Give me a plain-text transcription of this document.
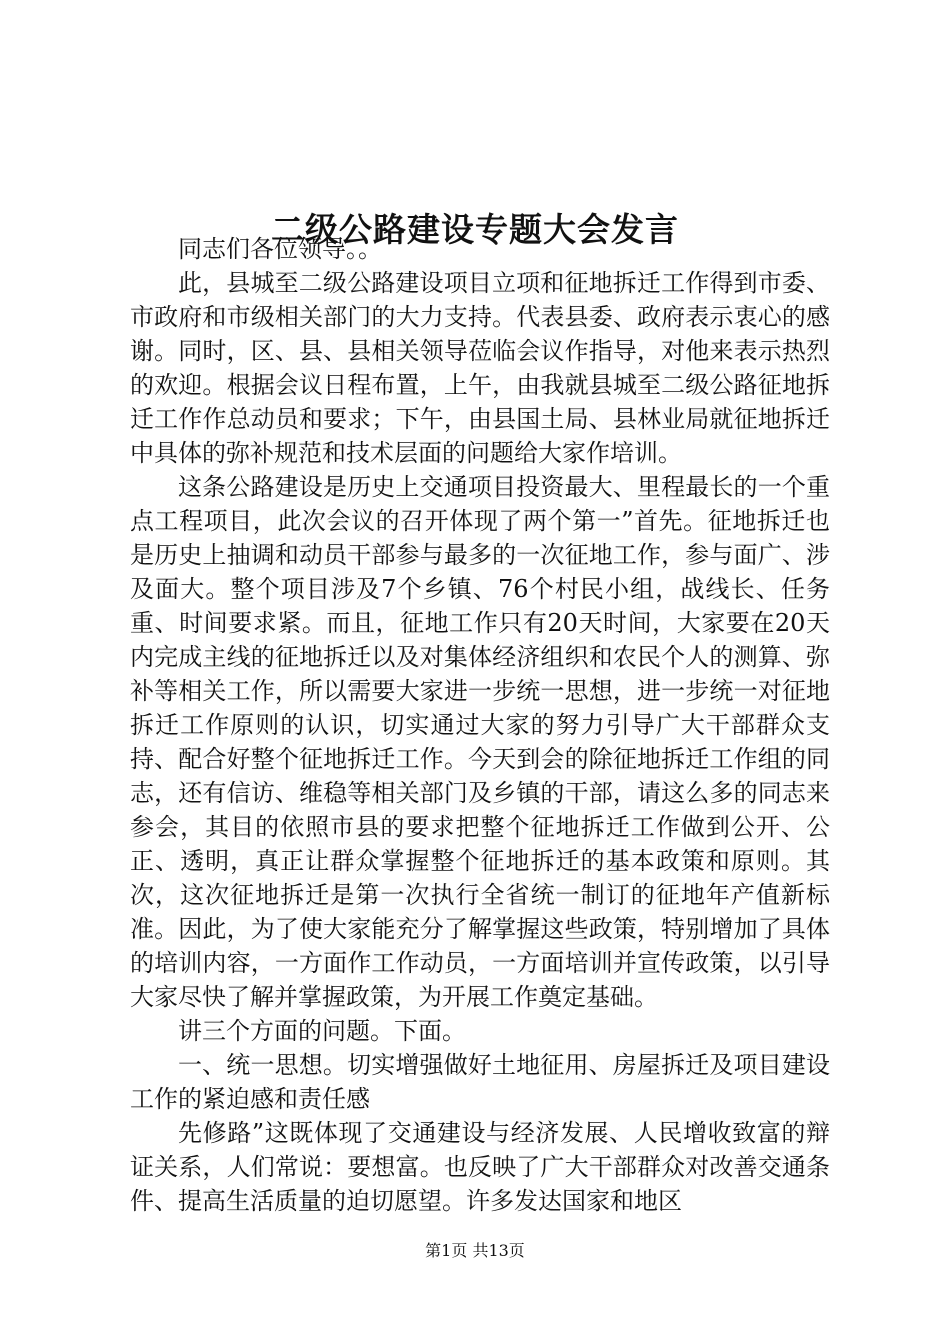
二级公路建设专题大会发言

同志们各位领导。。

此，县城至二级公路建设项目立项和征地拆迁工作得到市委、市政府和市级相关部门的大力支持。代表县委、政府表示衷心的感谢。同时，区、县、县相关领导莅临会议作指导，对他来表示热烈的欢迎。根据会议日程布置，上午，由我就县城至二级公路征地拆迁工作作总动员和要求；下午，由县国土局、县林业局就征地拆迁中具体的弥补规范和技术层面的问题给大家作培训。

这条公路建设是历史上交通项目投资最大、里程最长的一个重点工程项目，此次会议的召开体现了两个第一”首先。征地拆迁也是历史上抽调和动员干部参与最多的一次征地工作，参与面广、涉及面大。整个项目涉及7个乡镇、76个村民小组，战线长、任务重、时间要求紧。而且，征地工作只有20天时间，大家要在20天内完成主线的征地拆迁以及对集体经济组织和农民个人的测算、弥补等相关工作，所以需要大家进一步统一思想，进一步统一对征地拆迁工作原则的认识，切实通过大家的努力引导广大干部群众支持、配合好整个征地拆迁工作。今天到会的除征地拆迁工作组的同志，还有信访、维稳等相关部门及乡镇的干部，请这么多的同志来参会，其目的依照市县的要求把整个征地拆迁工作做到公开、公正、透明，真正让群众掌握整个征地拆迁的基本政策和原则。其次，这次征地拆迁是第一次执行全省统一制订的征地年产值新标准。因此，为了使大家能充分了解掌握这些政策，特别增加了具体的培训内容，一方面作工作动员，一方面培训并宣传政策，以引导大家尽快了解并掌握政策，为开展工作奠定基础。

讲三个方面的问题。下面。

一、统一思想。切实增强做好土地征用、房屋拆迁及项目建设工作的紧迫感和责任感

先修路”这既体现了交通建设与经济发展、人民增收致富的辩证关系，人们常说：要想富。也反映了广大干部群众对改善交通条件、提高生活质量的迫切愿望。许多发达国家和地区

第1页 共13页
